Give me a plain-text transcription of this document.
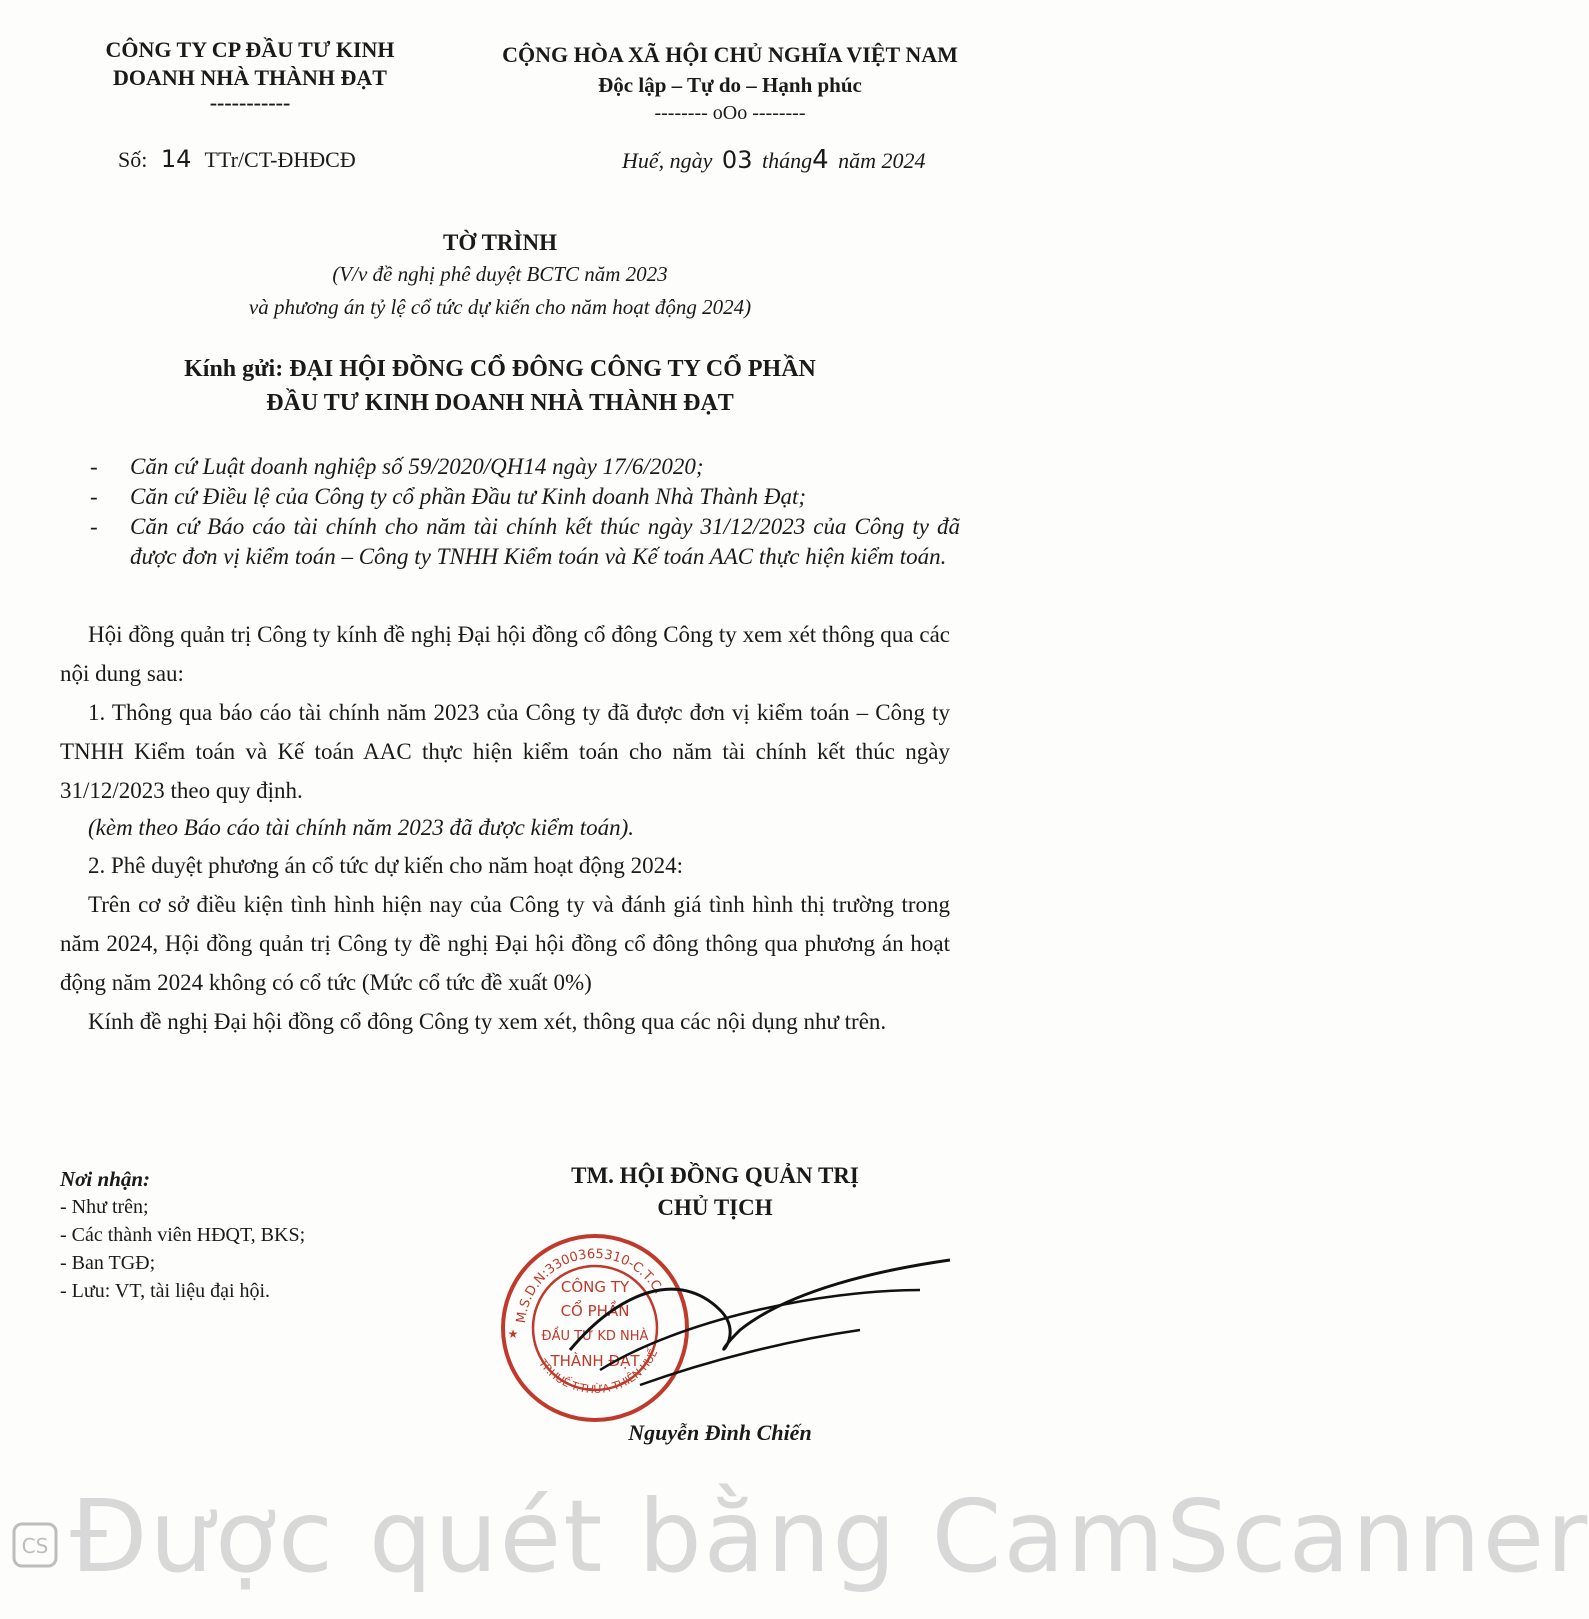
CÔNG TY CP ĐẦU TƯ KINH
DOANH NHÀ THÀNH ĐẠT
-----------
CỘNG HÒA XÃ HỘI CHỦ NGHĨA VIỆT NAM
Độc lập – Tự do – Hạnh phúc
-------- oOo --------
Số: 14 TTr/CT-ĐHĐCĐ	Huế, ngày 03 tháng4 năm 2024
TỜ TRÌNH
(V/v đề nghị phê duyệt BCTC năm 2023
và phương án tỷ lệ cổ tức dự kiến cho năm hoạt động 2024)
Kính gửi: ĐẠI HỘI ĐỒNG CỔ ĐÔNG CÔNG TY CỔ PHẦN
ĐẦU TƯ KINH DOANH NHÀ THÀNH ĐẠT
-	Căn cứ Luật doanh nghiệp số 59/2020/QH14 ngày 17/6/2020;
-	Căn cứ Điều lệ của Công ty cổ phần Đầu tư Kinh doanh Nhà Thành Đạt;
-	Căn cứ Báo cáo tài chính cho năm tài chính kết thúc ngày 31/12/2023 của Công ty đã được đơn vị kiểm toán – Công ty TNHH Kiểm toán và Kế toán AAC thực hiện kiểm toán.

Hội đồng quản trị Công ty kính đề nghị Đại hội đồng cổ đông Công ty xem xét thông qua các nội dung sau:

1. Thông qua báo cáo tài chính năm 2023 của Công ty đã được đơn vị kiểm toán – Công ty TNHH Kiểm toán và Kế toán AAC thực hiện kiểm toán cho năm tài chính kết thúc ngày 31/12/2023 theo quy định.

(kèm theo Báo cáo tài chính năm 2023 đã được kiểm toán).

2. Phê duyệt phương án cổ tức dự kiến cho năm hoạt động 2024:

Trên cơ sở điều kiện tình hình hiện nay của Công ty và đánh giá tình hình thị trường trong năm 2024, Hội đồng quản trị Công ty đề nghị Đại hội đồng cổ đông thông qua phương án hoạt động năm 2024 không có cổ tức (Mức cổ tức đề xuất 0%)

Kính đề nghị Đại hội đồng cổ đông Công ty xem xét, thông qua các nội dụng như trên.

Nơi nhận:
- Như trên;
- Các thành viên HĐQT, BKS;
- Ban TGĐ;
- Lưu: VT, tài liệu đại hội.
TM. HỘI ĐỒNG QUẢN TRỊ
CHỦ TỊCH
M.S.D.N:3300365310-C.T.C.
TP.HUẾ-T.THỪA THIÊN HUẾ
CÔNG TY
CỔ PHẦN
ĐẦU TƯ KD NHÀ
THÀNH ĐẠT
★
Nguyễn Đình Chiến
Được quét bằng CamScanner
CS
